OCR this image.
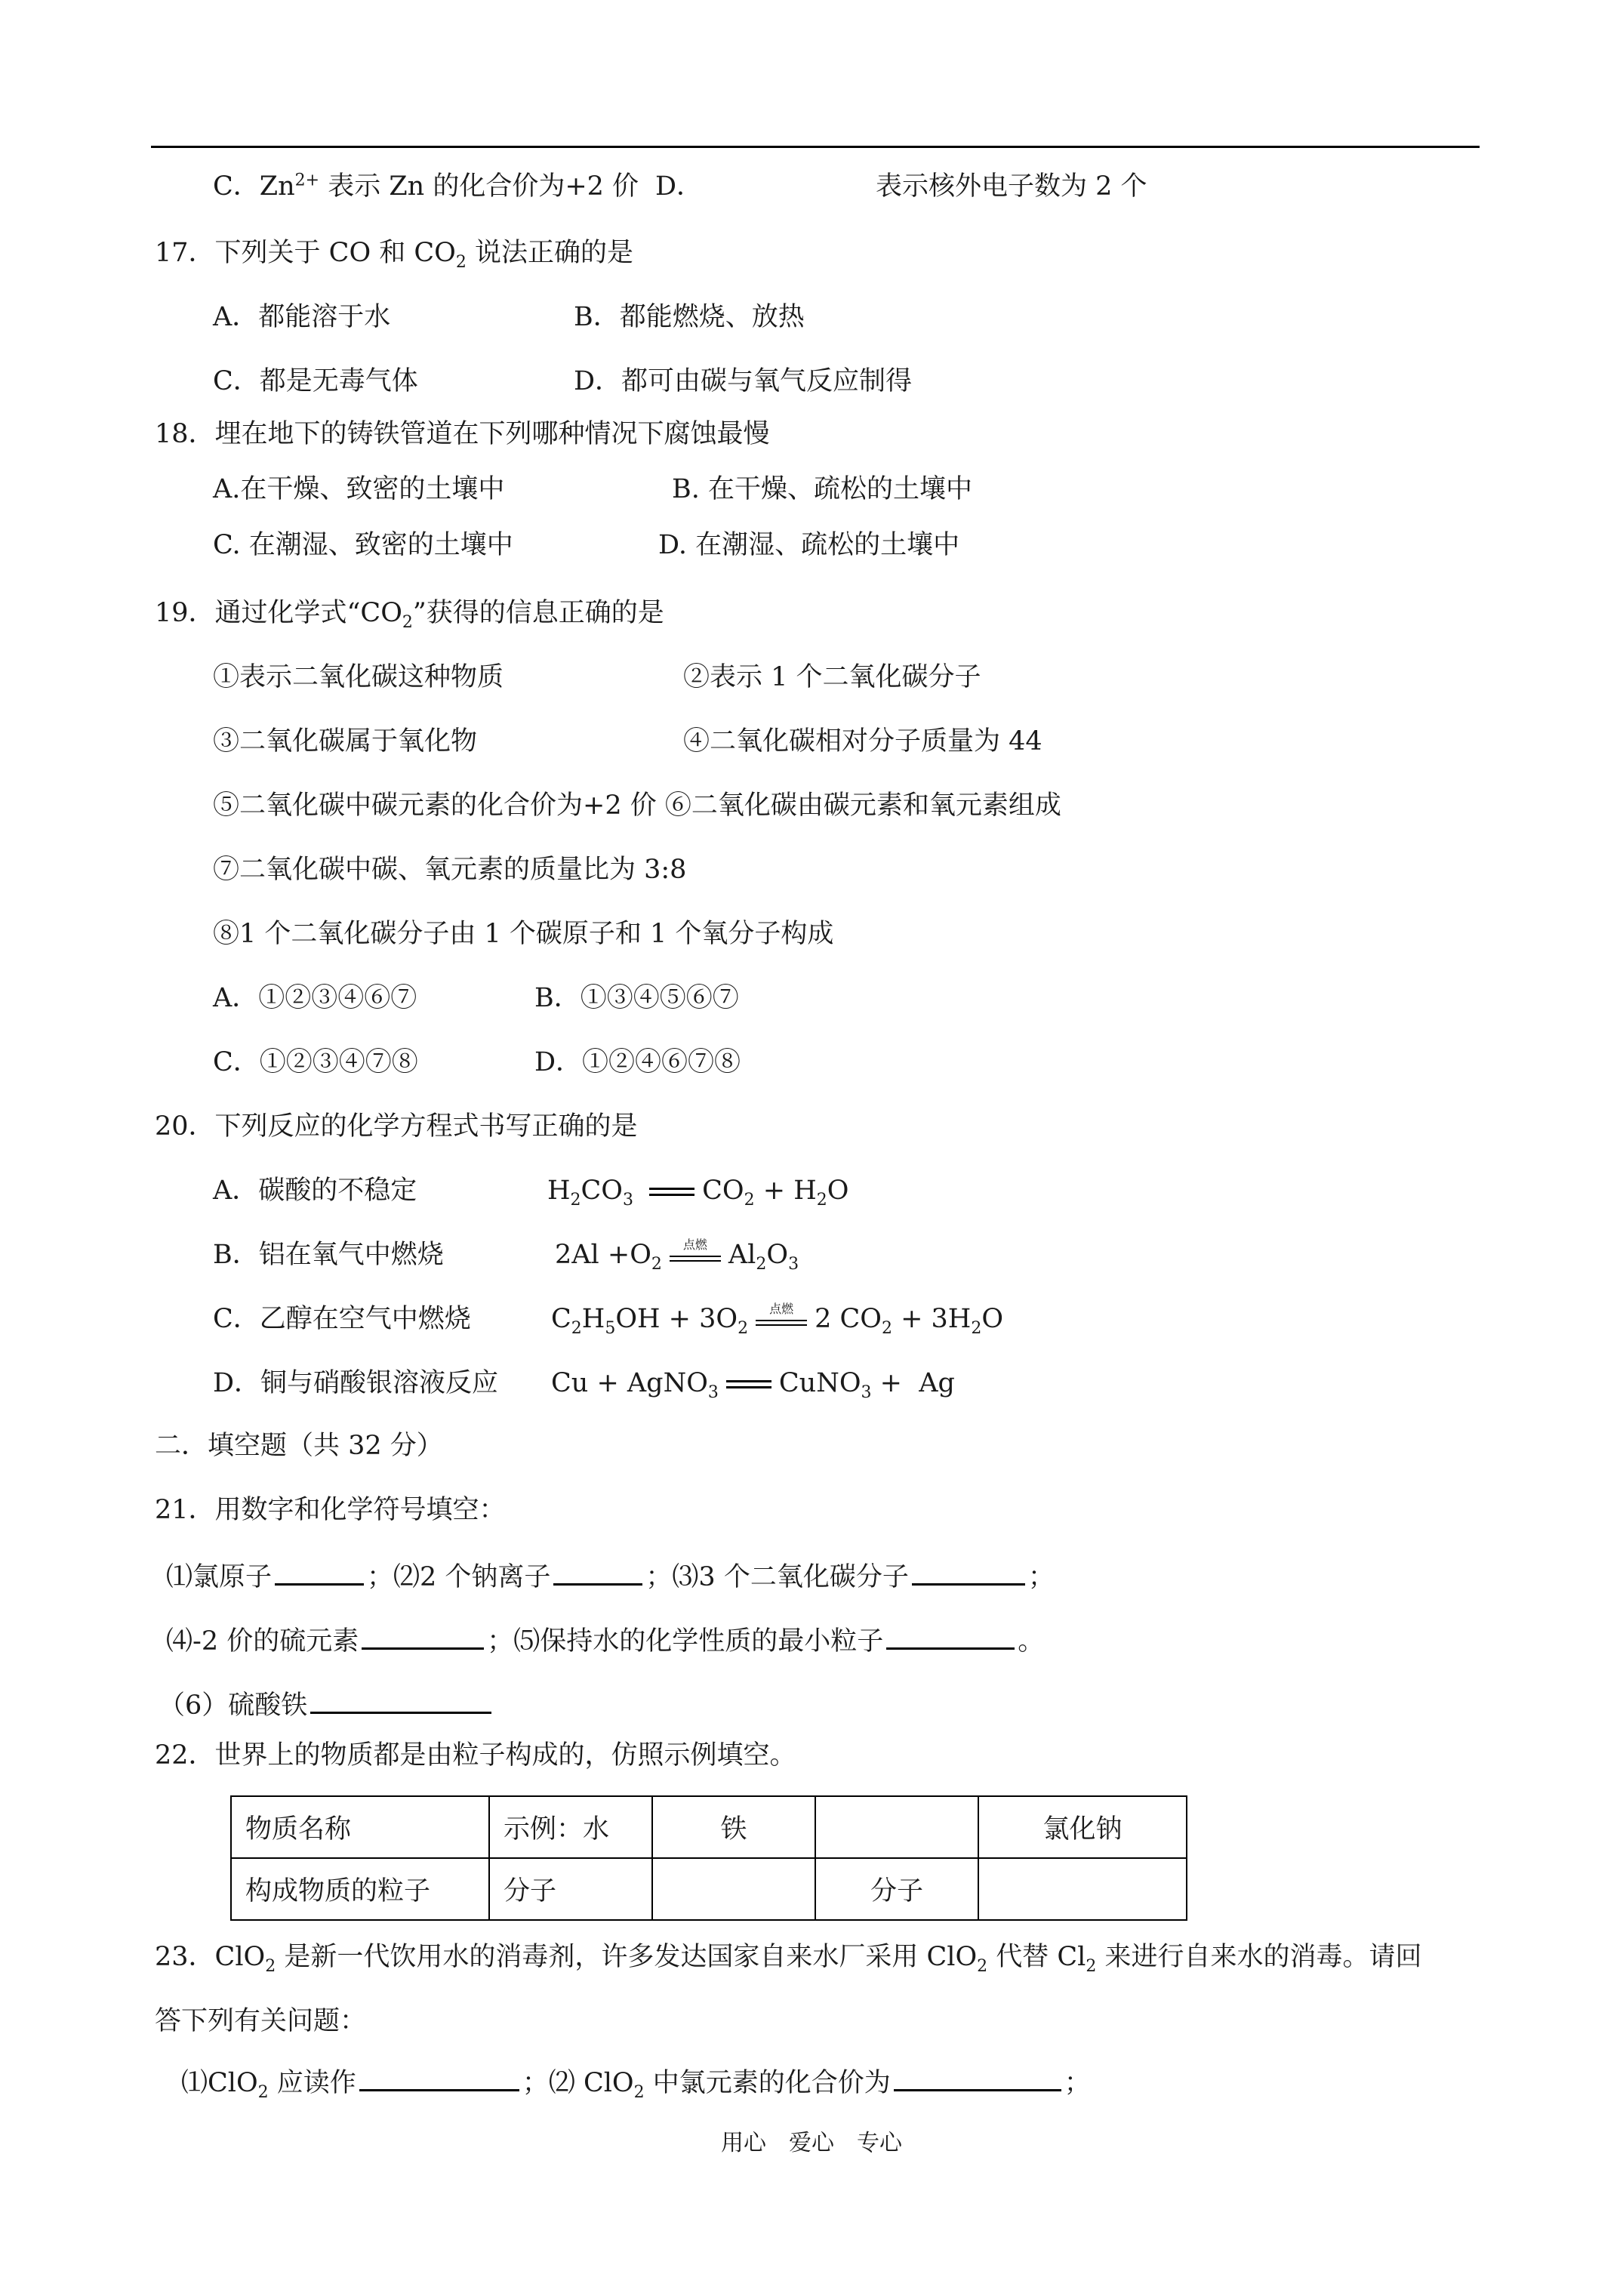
C．$Zn^{2+}$ 表示 Zn 的化合价为+2 价 D．	表示核外电子数为 2 个
17．下列关于 CO 和 $CO_2$ 说法正确的是
A．都能溶于水	B．都能燃烧、放热
C．都是无毒气体	D．都可由碳与氧气反应制得
18．埋在地下的铸铁管道在下列哪种情况下腐蚀最慢
A.在干燥、致密的土壤中	B. 在干燥、疏松的土壤中
C. 在潮湿、致密的土壤中	D. 在潮湿、疏松的土壤中
19．通过化学式“$CO_2$”获得的信息正确的是
①表示二氧化碳这种物质	②表示 1 个二氧化碳分子
③二氧化碳属于氧化物	④二氧化碳相对分子质量为 44
⑤二氧化碳中碳元素的化合价为+2 价 ⑥二氧化碳由碳元素和氧元素组成
⑦二氧化碳中碳、氧元素的质量比为 3:8
⑧1 个二氧化碳分子由 1 个碳原子和 1 个氧分子构成
A．①②③④⑥⑦	B．①③④⑤⑥⑦
C．①②③④⑦⑧	D．①②④⑥⑦⑧
20．下列反应的化学方程式书写正确的是
A．碳酸的不稳定	$H_2CO_3$	$CO_2 + H_2O$
B．铝在氧气中燃烧	$2Al +O_2$
点燃 $Al_2O_3$
C．乙醇在空气中燃烧	$C_2H_5OH + 3O_2$
点燃 2 $CO_2 + 3H_2O$
D．铜与硝酸银溶液反应 Cu + AgNO$_3$ CuNO$_3$ +  Ag
二．填空题（共 32 分）
21．用数字和化学符号填空：
⑴氯原子	；⑵2 个钠离子	；⑶3 个二氧化碳分子	；
⑷-2 价的硫元素	；⑸保持水的化学性质的最小粒子	。
（6）硫酸铁
22．世界上的物质都是由粒子构成的，仿照示例填空。
物质名称	示例：水	铁		氯化钠
构成物质的粒子	分子		分子	
23．ClO$_2$ 是新一代饮用水的消毒剂，许多发达国家自来水厂采用 ClO$_2$ 代替 $Cl_2$ 来进行自来水的消毒。请回
答下列有关问题：
⑴ClO$_2$ 应读作	；⑵ ClO$_2$ 中氯元素的化合价为	；
用心　爱心　专心
